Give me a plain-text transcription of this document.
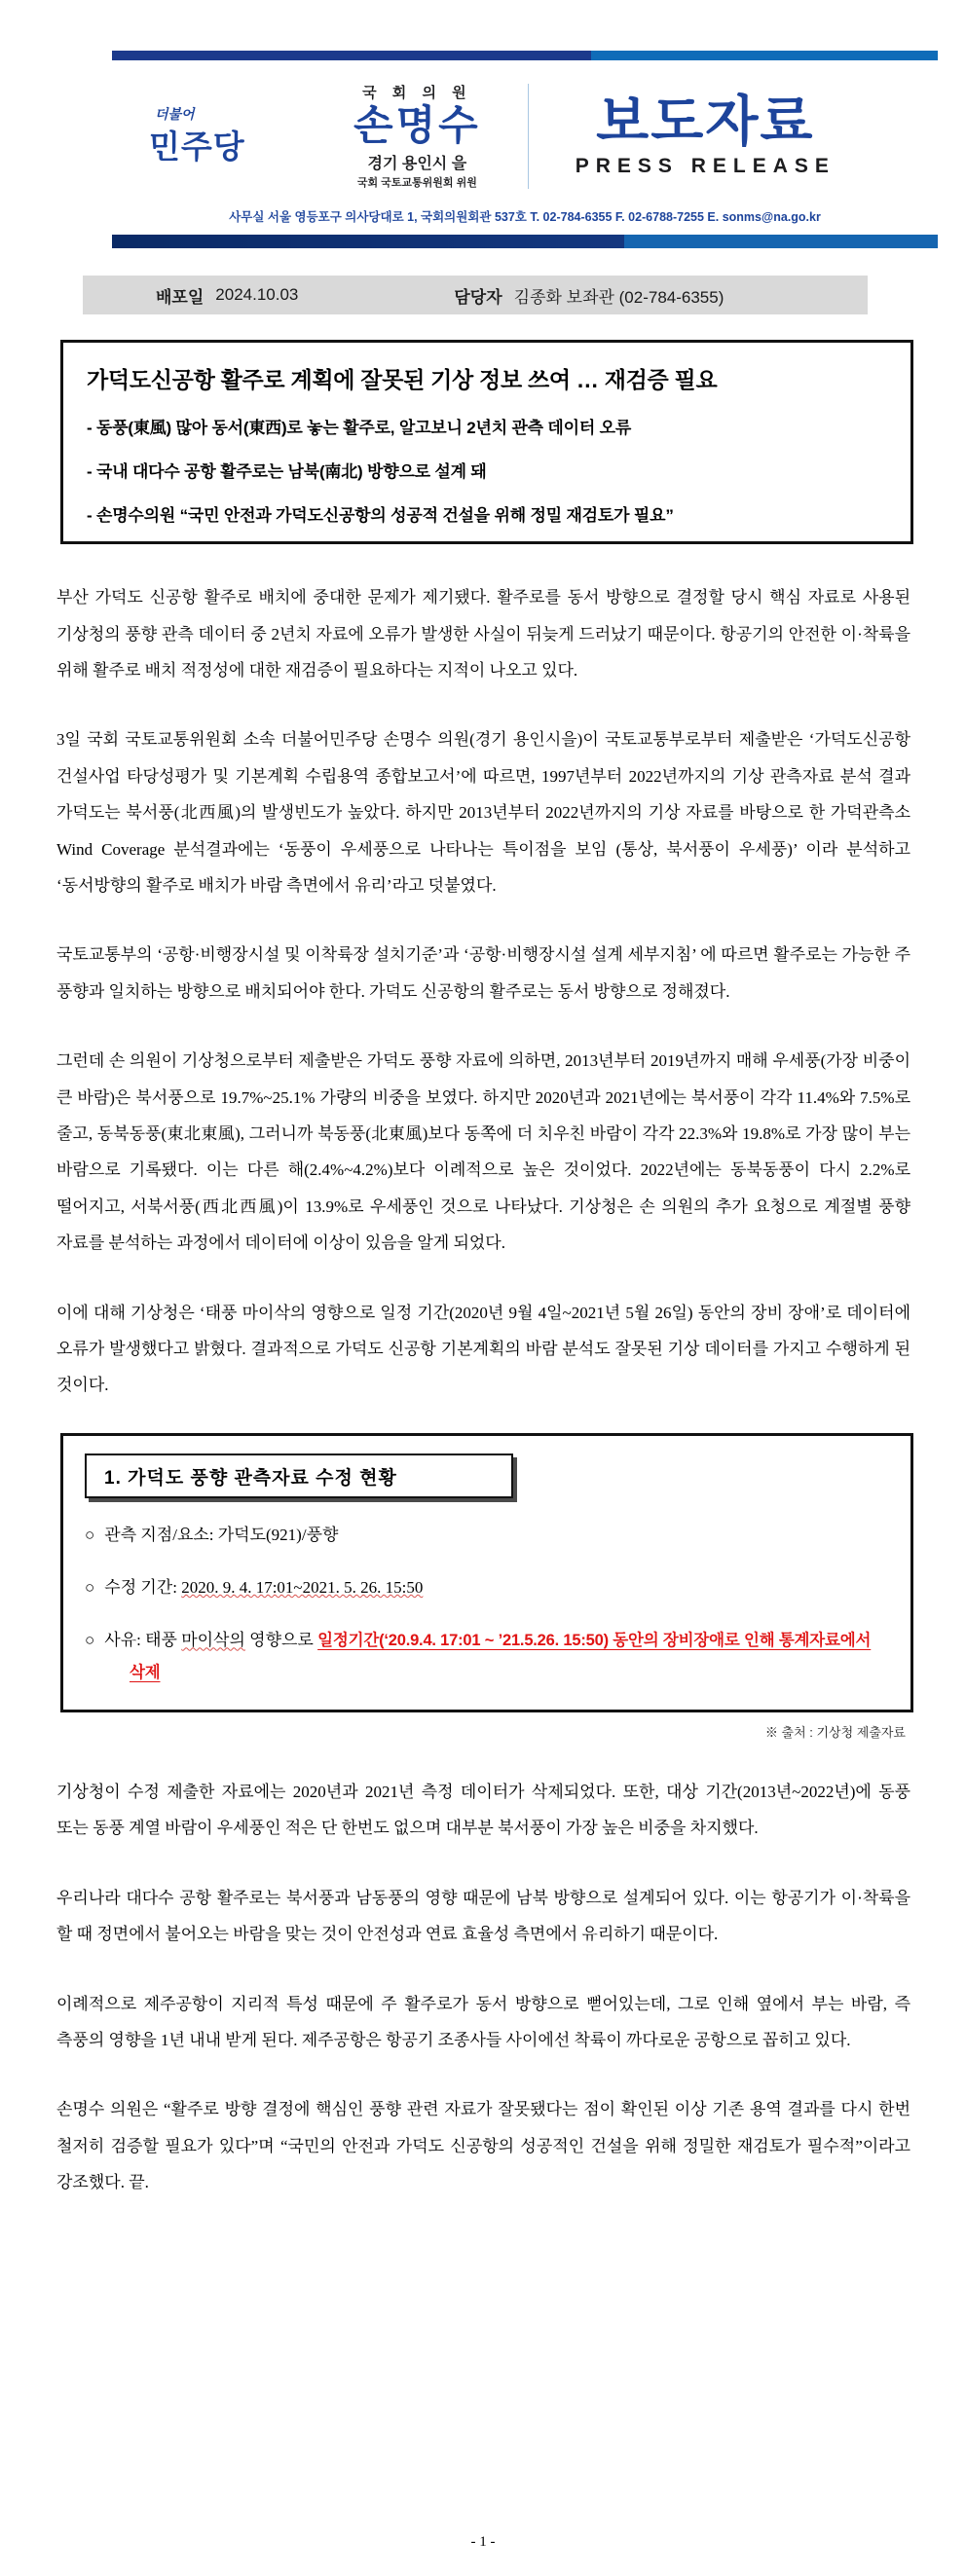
더불어
민주당
국 회 의 원
손명수
경기 용인시 을
국회 국토교통위원회 위원
보도자료
PRESS RELEASE
사무실 서울 영등포구 의사당대로 1, 국회의원회관 537호 T. 02-784-6355 F. 02-6788-7255 E. sonms@na.go.kr
배포일 2024.10.03	담당자 김종화 보좌관 (02-784-6355)
가덕도신공항 활주로 계획에 잘못된 기상 정보 쓰여 … 재검증 필요
- 동풍(東風) 많아 동서(東西)로 놓는 활주로, 알고보니 2년치 관측 데이터 오류
- 국내 대다수 공항 활주로는 남북(南北) 방향으로 설계 돼
- 손명수의원 “국민 안전과 가덕도신공항의 성공적 건설을 위해 정밀 재검토가 필요”

부산 가덕도 신공항 활주로 배치에 중대한 문제가 제기됐다. 활주로를 동서 방향으로 결정할 당시 핵심 자료로 사용된 기상청의 풍향 관측 데이터 중 2년치 자료에 오류가 발생한 사실이 뒤늦게 드러났기 때문이다. 항공기의 안전한 이·착륙을 위해 활주로 배치 적정성에 대한 재검증이 필요하다는 지적이 나오고 있다.

3일 국회 국토교통위원회 소속 더불어민주당 손명수 의원(경기 용인시을)이 국토교통부로부터 제출받은 ‘가덕도신공항 건설사업 타당성평가 및 기본계획 수립용역 종합보고서’에 따르면, 1997년부터 2022년까지의 기상 관측자료 분석 결과 가덕도는 북서풍(北西風)의 발생빈도가 높았다. 하지만 2013년부터 2022년까지의 기상 자료를 바탕으로 한 가덕관측소 Wind Coverage 분석결과에는 ‘동풍이 우세풍으로 나타나는 특이점을 보임 (통상, 북서풍이 우세풍)’ 이라 분석하고 ‘동서방향의 활주로 배치가 바람 측면에서 유리’라고 덧붙였다.

국토교통부의 ‘공항·비행장시설 및 이착륙장 설치기준’과 ‘공항·비행장시설 설계 세부지침’ 에 따르면 활주로는 가능한 주 풍향과 일치하는 방향으로 배치되어야 한다. 가덕도 신공항의 활주로는 동서 방향으로 정해졌다.

그런데 손 의원이 기상청으로부터 제출받은 가덕도 풍향 자료에 의하면, 2013년부터 2019년까지 매해 우세풍(가장 비중이 큰 바람)은 북서풍으로 19.7%~25.1% 가량의 비중을 보였다. 하지만 2020년과 2021년에는 북서풍이 각각 11.4%와 7.5%로 줄고, 동북동풍(東北東風), 그러니까 북동풍(北東風)보다 동쪽에 더 치우친 바람이 각각 22.3%와 19.8%로 가장 많이 부는 바람으로 기록됐다. 이는 다른 해(2.4%~4.2%)보다 이례적으로 높은 것이었다. 2022년에는 동북동풍이 다시 2.2%로 떨어지고, 서북서풍(西北西風)이 13.9%로 우세풍인 것으로 나타났다. 기상청은 손 의원의 추가 요청으로 계절별 풍향 자료를 분석하는 과정에서 데이터에 이상이 있음을 알게 되었다.

이에 대해 기상청은 ‘태풍 마이삭의 영향으로 일정 기간(2020년 9월 4일~2021년 5월 26일) 동안의 장비 장애’로 데이터에 오류가 발생했다고 밝혔다. 결과적으로 가덕도 신공항 기본계획의 바람 분석도 잘못된 기상 데이터를 가지고 수행하게 된 것이다.

1. 가덕도 풍향 관측자료 수정 현황
○ 관측 지점/요소: 가덕도(921)/풍향
○ 수정 기간: 2020. 9. 4. 17:01~2021. 5. 26. 15:50
○ 사유: 태풍 마이삭의 영향으로 일정기간(‘20.9.4. 17:01 ~ ’21.5.26. 15:50) 동안의 장비장애로 인해 통계자료에서 삭제
※ 출처 : 기상청 제출자료

기상청이 수정 제출한 자료에는 2020년과 2021년 측정 데이터가 삭제되었다. 또한, 대상 기간(2013년~2022년)에 동풍 또는 동풍 계열 바람이 우세풍인 적은 단 한번도 없으며 대부분 북서풍이 가장 높은 비중을 차지했다.

우리나라 대다수 공항 활주로는 북서풍과 남동풍의 영향 때문에 남북 방향으로 설계되어 있다. 이는 항공기가 이·착륙을 할 때 정면에서 불어오는 바람을 맞는 것이 안전성과 연료 효율성 측면에서 유리하기 때문이다.

이례적으로 제주공항이 지리적 특성 때문에 주 활주로가 동서 방향으로 뻗어있는데, 그로 인해 옆에서 부는 바람, 즉 측풍의 영향을 1년 내내 받게 된다. 제주공항은 항공기 조종사들 사이에선 착륙이 까다로운 공항으로 꼽히고 있다.

손명수 의원은 “활주로 방향 결정에 핵심인 풍향 관련 자료가 잘못됐다는 점이 확인된 이상 기존 용역 결과를 다시 한번 철저히 검증할 필요가 있다”며 “국민의 안전과 가덕도 신공항의 성공적인 건설을 위해 정밀한 재검토가 필수적”이라고 강조했다. 끝.

- 1 -
